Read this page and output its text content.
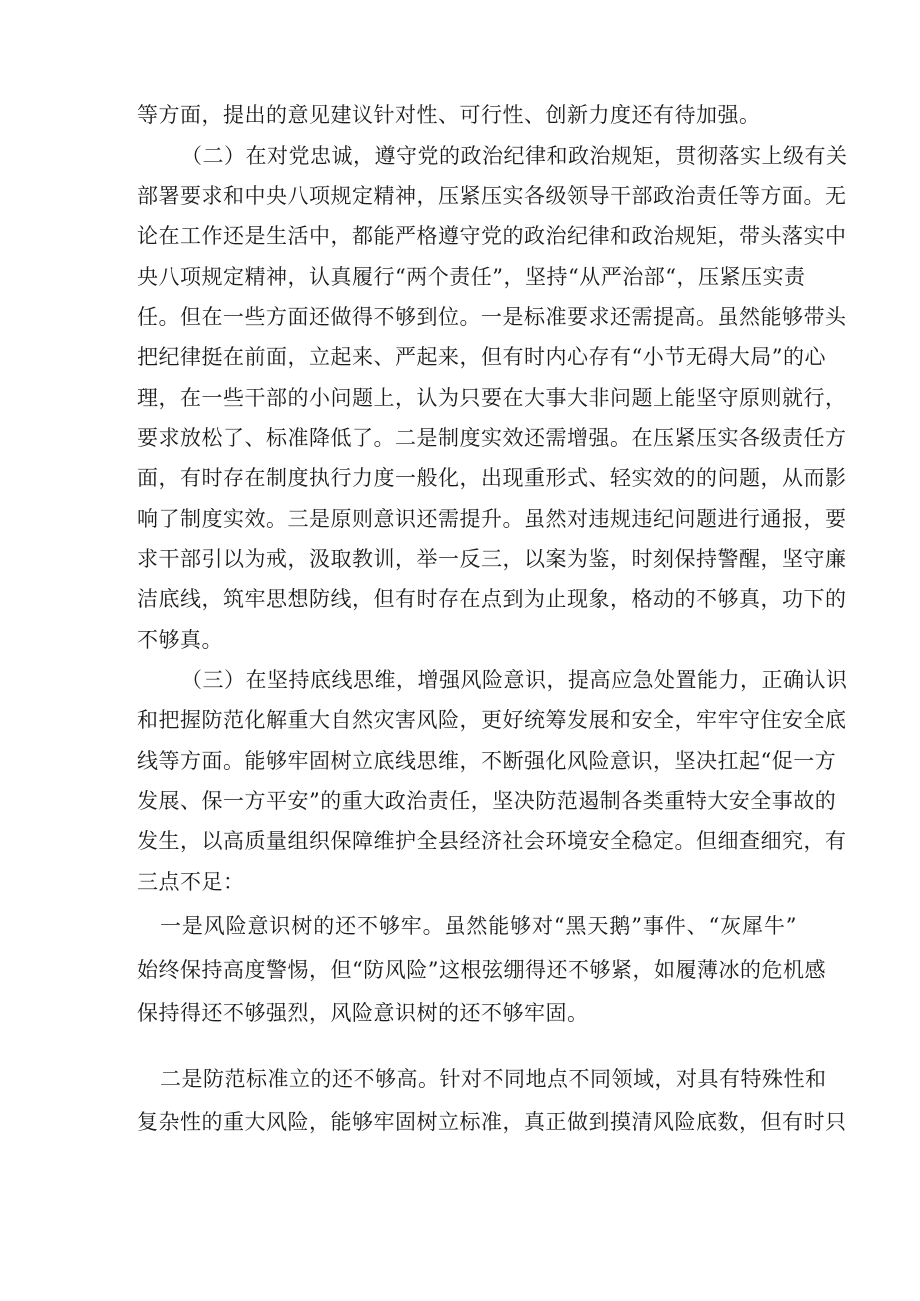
等方面，提出的意见建议针对性、可行性、创新力度还有待加强。

（二）在对党忠诚，遵守党的政治纪律和政治规矩，贯彻落实上级有关

部署要求和中央八项规定精神，压紧压实各级领导干部政治责任等方面。无

论在工作还是生活中，都能严格遵守党的政治纪律和政治规矩，带头落实中

央八项规定精神，认真履行“两个责任”，坚持“从严治部“，压紧压实责

任。但在一些方面还做得不够到位。一是标准要求还需提高。虽然能够带头

把纪律挺在前面，立起来、严起来，但有时内心存有“小节无碍大局”的心

理，在一些干部的小问题上，认为只要在大事大非问题上能坚守原则就行，

要求放松了、标准降低了。二是制度实效还需增强。在压紧压实各级责任方

面，有时存在制度执行力度一般化，出现重形式、轻实效的的问题，从而影

响了制度实效。三是原则意识还需提升。虽然对违规违纪问题进行通报，要

求干部引以为戒，汲取教训，举一反三，以案为鉴，时刻保持警醒，坚守廉

洁底线，筑牢思想防线，但有时存在点到为止现象，格动的不够真，功下的

不够真。

（三）在坚持底线思维，增强风险意识，提高应急处置能力，正确认识

和把握防范化解重大自然灾害风险，更好统筹发展和安全，牢牢守住安全底

线等方面。能够牢固树立底线思维，不断强化风险意识，坚决扛起“促一方

发展、保一方平安”的重大政治责任，坚决防范遏制各类重特大安全事故的

发生，以高质量组织保障维护全县经济社会环境安全稳定。但细查细究，有

三点不足：

一是风险意识树的还不够牢。虽然能够对“黑天鹅”事件、“灰犀牛”

始终保持高度警惕，但“防风险”这根弦绷得还不够紧，如履薄冰的危机感

保持得还不够强烈，风险意识树的还不够牢固。

二是防范标准立的还不够高。针对不同地点不同领域，对具有特殊性和

复杂性的重大风险，能够牢固树立标准，真正做到摸清风险底数，但有时只
